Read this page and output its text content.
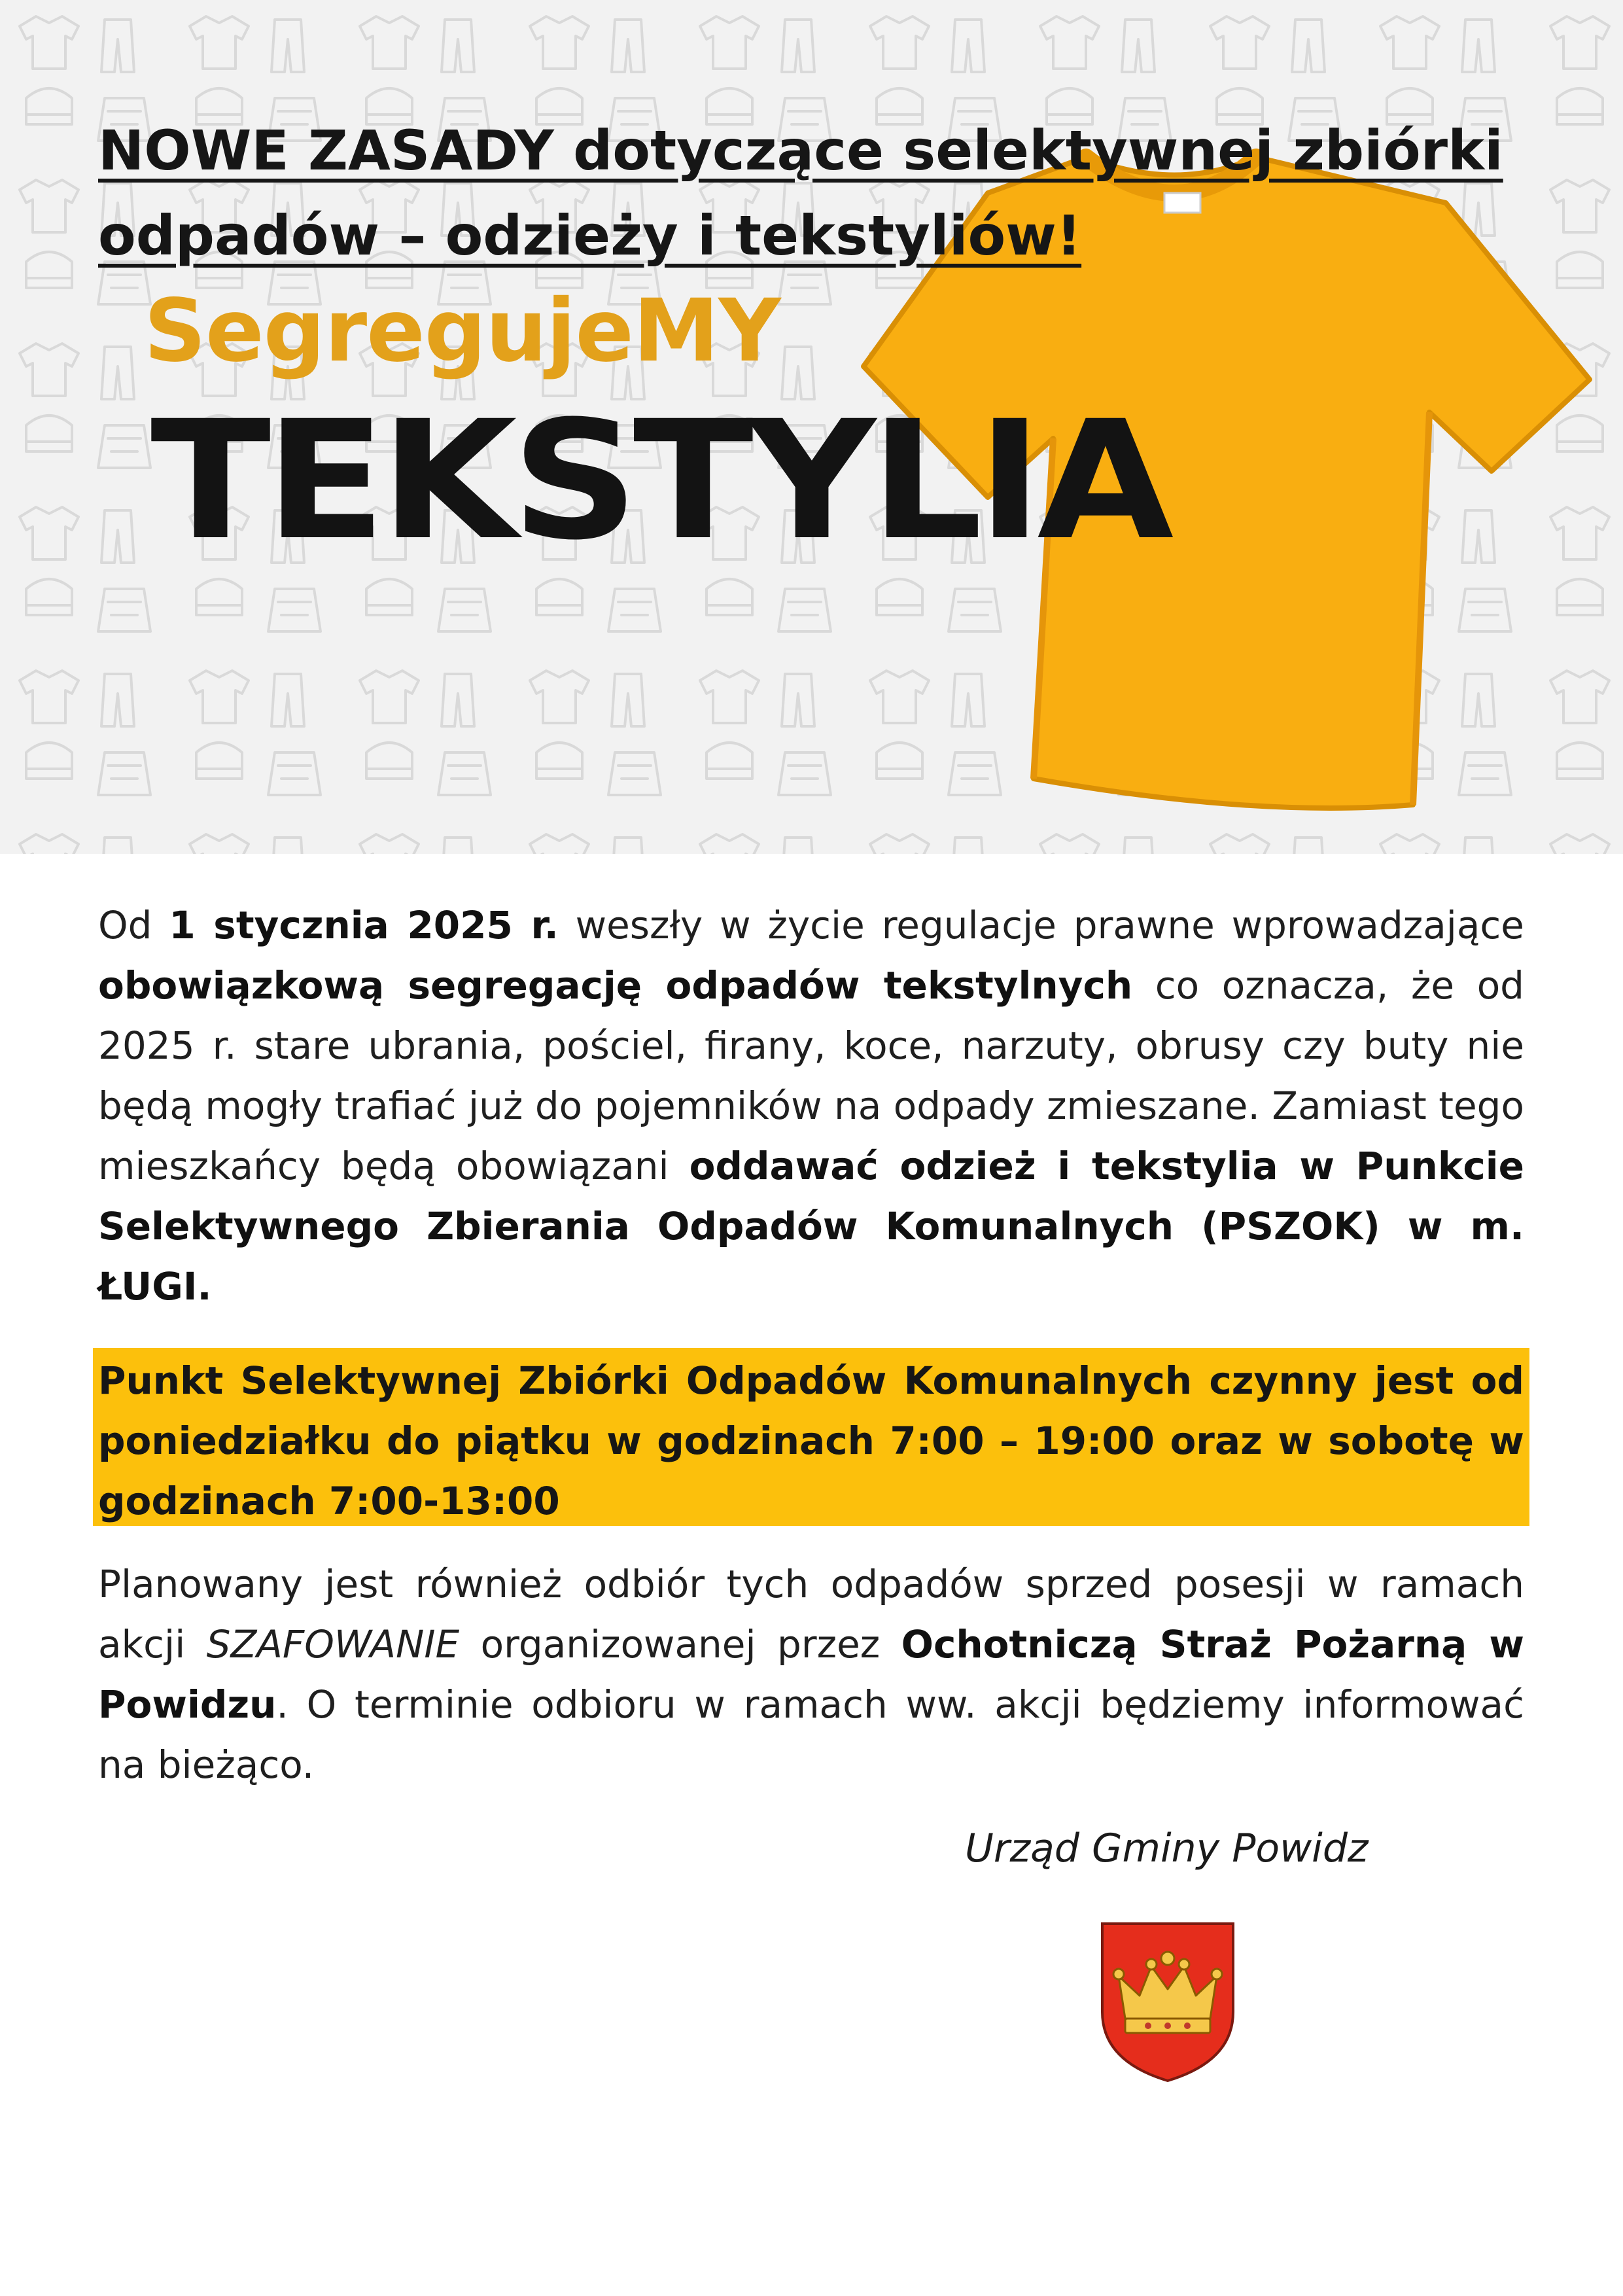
NOWE ZASADY dotyczące selektywnej zbiórki odpadów – odzieży i tekstyliów!
SegregujeMY
TEKSTYLIA

Od 1 stycznia 2025 r. weszły w życie regulacje prawne wprowadzające obowiązkową segregację odpadów tekstylnych co oznacza, że od 2025 r. stare ubrania, pościel, firany, koce, narzuty, obrusy czy buty nie będą mogły trafiać już do pojemników na odpady zmieszane. Zamiast tego mieszkańcy będą obowiązani oddawać odzież i tekstylia w Punkcie Selektywnego Zbierania Odpadów Komunalnych (PSZOK) w m. ŁUGI.

Punkt Selektywnej Zbiórki Odpadów Komunalnych czynny jest od poniedziałku do piątku w godzinach 7:00 – 19:00 oraz w sobotę w godzinach 7:00-13:00

Planowany jest również odbiór tych odpadów sprzed posesji w ramach akcji SZAFOWANIE organizowanej przez Ochotniczą Straż Pożarną w Powidzu. O terminie odbioru w ramach ww. akcji będziemy informować na bieżąco.

Urząd Gminy Powidz
